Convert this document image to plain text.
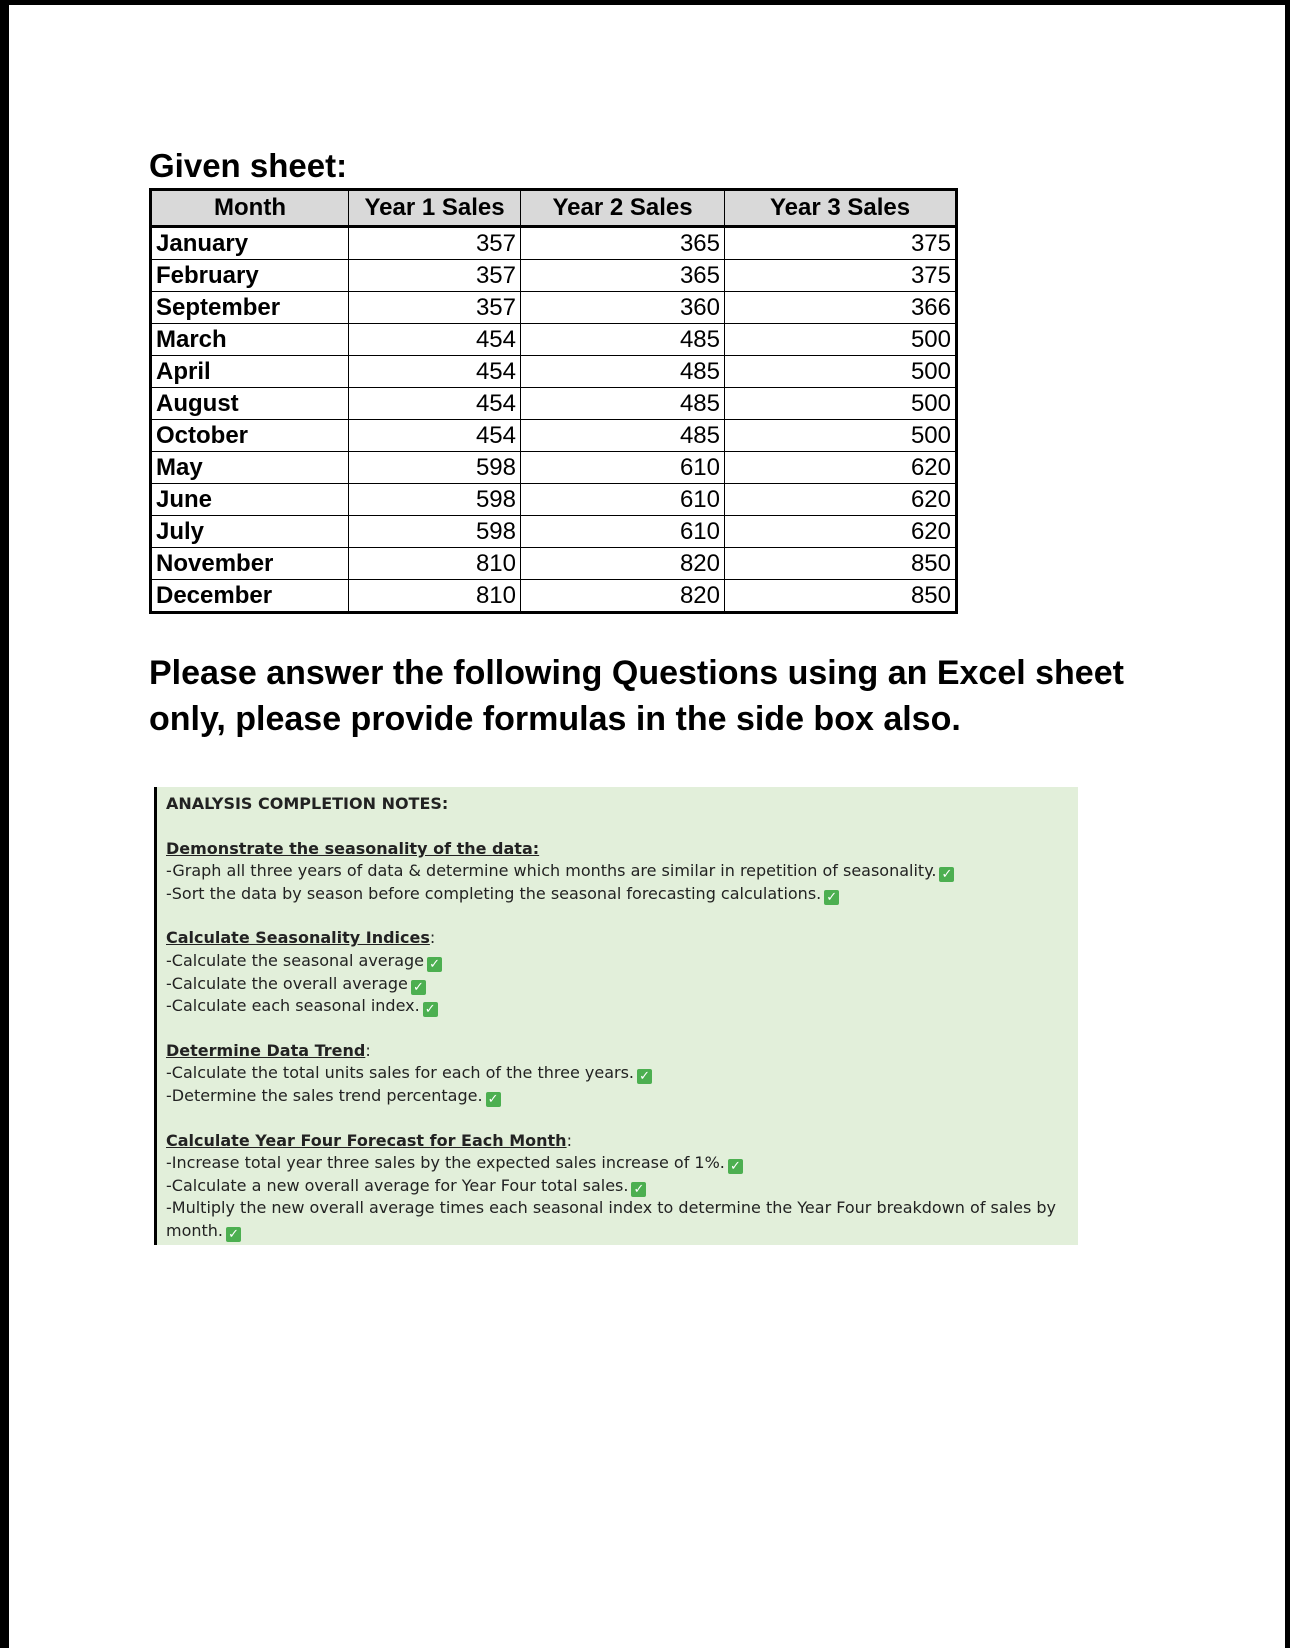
Given sheet:
Month	Year 1 Sales	Year 2 Sales	Year 3 Sales
January	357	365	375
February	357	365	375
September	357	360	366
March	454	485	500
April	454	485	500
August	454	485	500
October	454	485	500
May	598	610	620
June	598	610	620
July	598	610	620
November	810	820	850
December	810	820	850

Please answer the following Questions using an Excel sheet only, please provide formulas in the side box also.

ANALYSIS COMPLETION NOTES:
Demonstrate the seasonality of the data:
-Graph all three years of data & determine which months are similar in repetition of seasonality. ✓
-Sort the data by season before completing the seasonal forecasting calculations. ✓
Calculate Seasonality Indices:
-Calculate the seasonal average ✓
-Calculate the overall average ✓
-Calculate each seasonal index. ✓
Determine Data Trend:
-Calculate the total units sales for each of the three years. ✓
-Determine the sales trend percentage. ✓
Calculate Year Four Forecast for Each Month:
-Increase total year three sales by the expected sales increase of 1%. ✓
-Calculate a new overall average for Year Four total sales. ✓
-Multiply the new overall average times each seasonal index to determine the Year Four breakdown of sales by month. ✓
